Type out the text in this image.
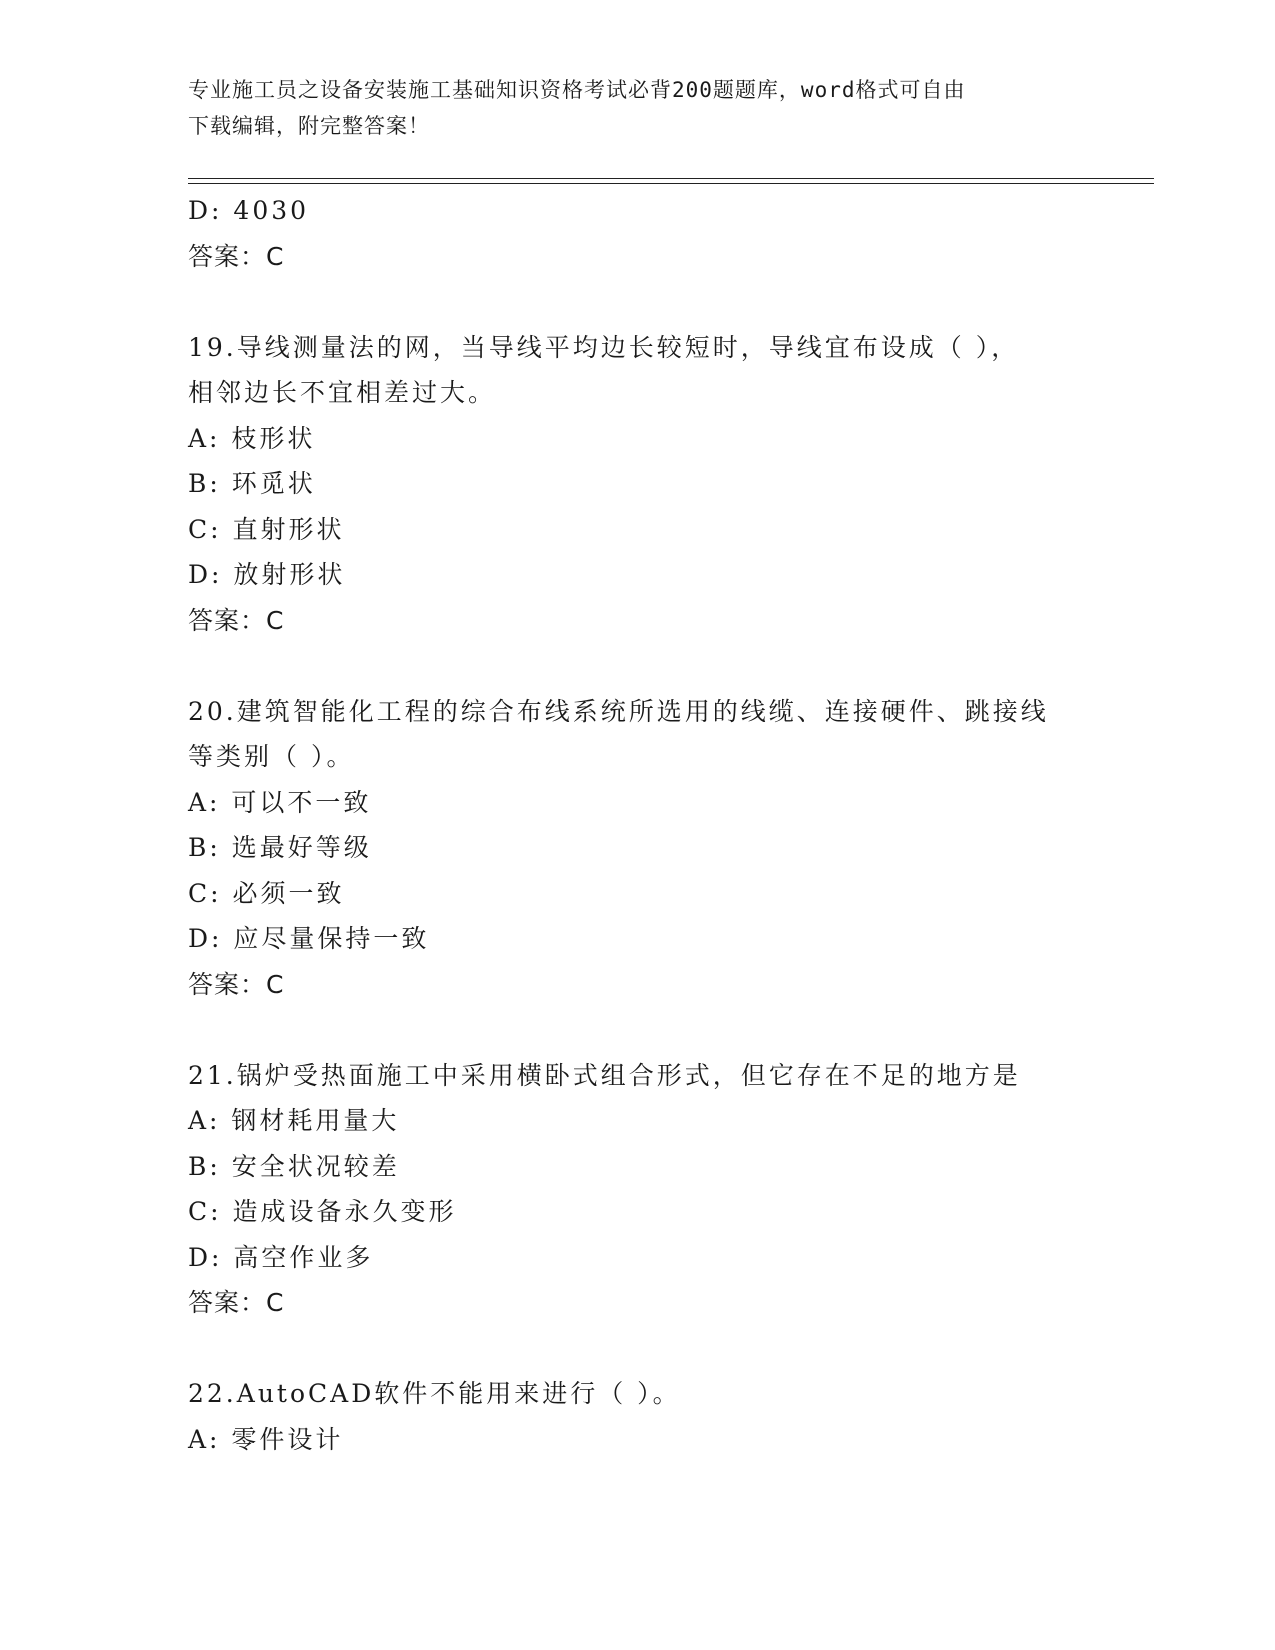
专业施工员之设备安装施工基础知识资格考试必背200题题库，word格式可自由
下载编辑，附完整答案！
D: 4030
答案：C
19.导线测量法的网，当导线平均边长较短时，导线宜布设成（ ），
相邻边长不宜相差过大。
A: 枝形状
B: 环觅状
C: 直射形状
D: 放射形状
答案：C
20.建筑智能化工程的综合布线系统所选用的线缆、连接硬件、跳接线
等类别（ ）。
A: 可以不一致
B: 选最好等级
C: 必须一致
D: 应尽量保持一致
答案：C
21.锅炉受热面施工中采用横卧式组合形式，但它存在不足的地方是
A: 钢材耗用量大
B: 安全状况较差
C: 造成设备永久变形
D: 高空作业多
答案：C
22.AutoCAD软件不能用来进行（ ）。
A: 零件设计
